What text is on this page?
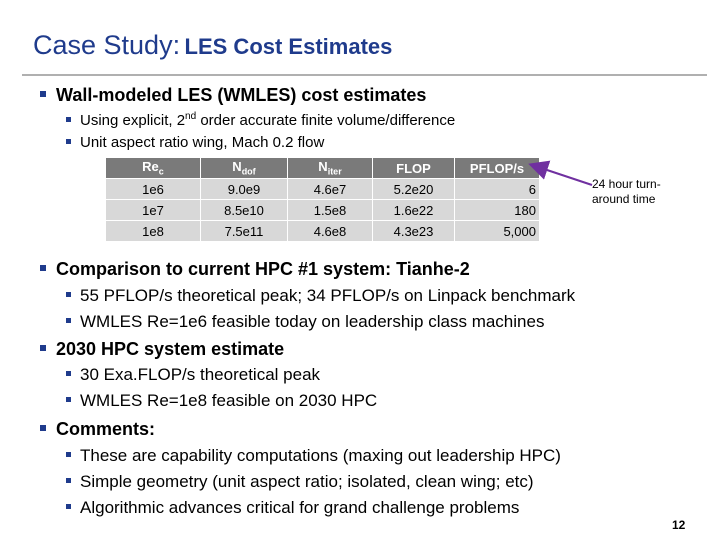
Case Study: LES Cost Estimates
Wall-modeled LES (WMLES) cost estimates
Using explicit, 2nd order accurate finite volume/difference
Unit aspect ratio wing, Mach 0.2 flow
$Re_c$	$N_{dof}$	$N_{iter}$	FLOP	PFLOP/s
1e6	9.0e9	4.6e7	5.2e20	6
1e7	8.5e10	1.5e8	1.6e22	180
1e8	7.5e11	4.6e8	4.3e23	5,000
24 hour turn-
around time
Comparison to current HPC #1 system: Tianhe-2
55 PFLOP/s theoretical peak; 34 PFLOP/s on Linpack benchmark
WMLES Re=1e6 feasible today on leadership class machines
2030 HPC system estimate
30 Exa.FLOP/s theoretical peak
WMLES Re=1e8 feasible on 2030 HPC
Comments:
These are capability computations (maxing out leadership HPC)
Simple geometry (unit aspect ratio; isolated, clean wing; etc)
Algorithmic advances critical for grand challenge problems
12
